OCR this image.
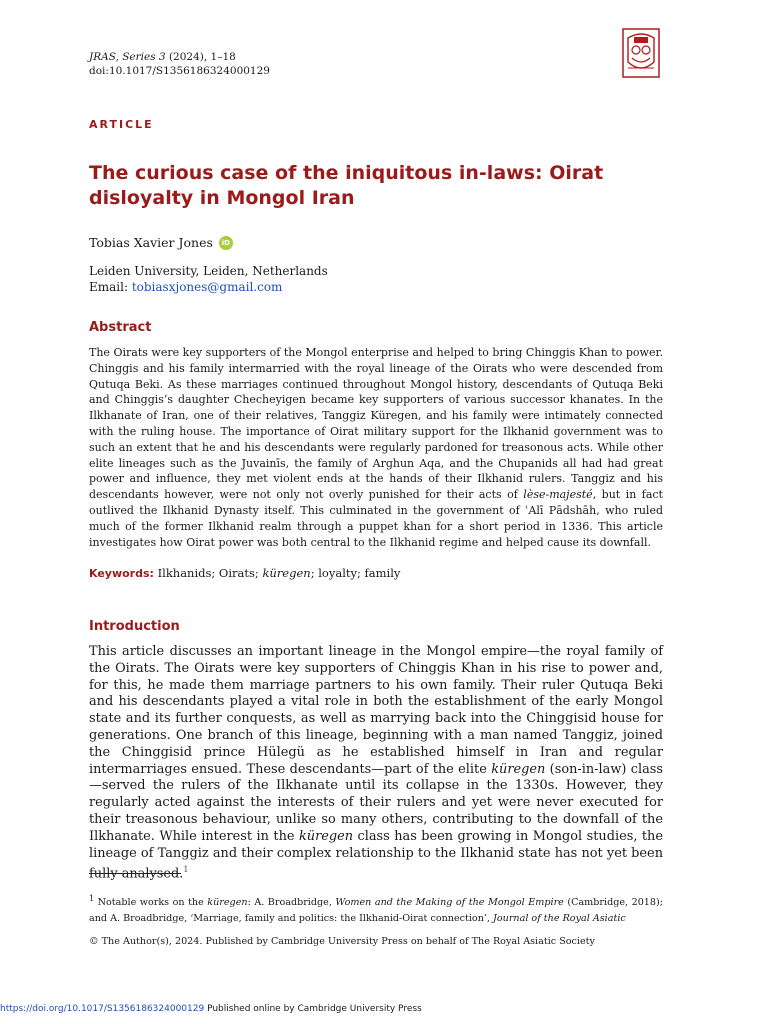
JRAS, Series 3 (2024), 1–18
doi:10.1017/S1356186324000129
ARTICLE
The curious case of the iniquitous in-laws: Oirat disloyalty in Mongol Iran
Tobias Xavier Jones	iD
Leiden University, Leiden, Netherlands
Email: tobiasxjones@gmail.com
Abstract
The Oirats were key supporters of the Mongol enterprise and helped to bring Chinggis Khan to power. Chinggis and his family intermarried with the royal lineage of the Oirats who were descended from Qutuqa Beki. As these marriages continued throughout Mongol history, descendants of Qutuqa Beki and Chinggis’s daughter Checheyigen became key supporters of various successor khanates. In the Ilkhanate of Iran, one of their relatives, Tanggiz Küregen, and his family were intimately connected with the ruling house. The importance of Oirat military support for the Ilkhanid government was to such an extent that he and his descendants were regularly pardoned for treasonous acts. While other elite lineages such as the Juvainīs, the family of Arghun Aqa, and the Chupanids all had had great power and influence, they met violent ends at the hands of their Ilkhanid rulers. Tanggiz and his descendants however, were not only not overly punished for their acts of lèse-majesté, but in fact outlived the Ilkhanid Dynasty itself. This culminated in the government of ʿAlī Pādshāh, who ruled much of the former Ilkhanid realm through a puppet khan for a short period in 1336. This article investigates how Oirat power was both central to the Ilkhanid regime and helped cause its downfall.
Keywords: Ilkhanids; Oirats; küregen; loyalty; family
Introduction
This article discusses an important lineage in the Mongol empire—the royal family of the Oirats. The Oirats were key supporters of Chinggis Khan in his rise to power and, for this, he made them marriage partners to his own family. Their ruler Qutuqa Beki and his descendants played a vital role in both the establishment of the early Mongol state and its further conquests, as well as marrying back into the Chinggisid house for generations. One branch of this lineage, beginning with a man named Tanggiz, joined the Chinggisid prince Hülegü as he established himself in Iran and regular intermarriages ensued. These descendants—part of the elite küregen (son-in-law) class—served the rulers of the Ilkhanate until its collapse in the 1330s. However, they regularly acted against the interests of their rulers and yet were never executed for their treasonous behaviour, unlike so many others, contributing to the downfall of the Ilkhanate. While interest in the küregen class has been growing in Mongol studies, the lineage of Tanggiz and their complex relationship to the Ilkhanid state has not yet been fully analysed.$^1$
$^1$ Notable works on the küregen: A. Broadbridge, Women and the Making of the Mongol Empire (Cambridge, 2018); and A. Broadbridge, ‘Marriage, family and politics: the Ilkhanid-Oirat connection’, Journal of the Royal Asiatic
© The Author(s), 2024. Published by Cambridge University Press on behalf of The Royal Asiatic Society
https://doi.org/10.1017/S1356186324000129 Published online by Cambridge University Press
